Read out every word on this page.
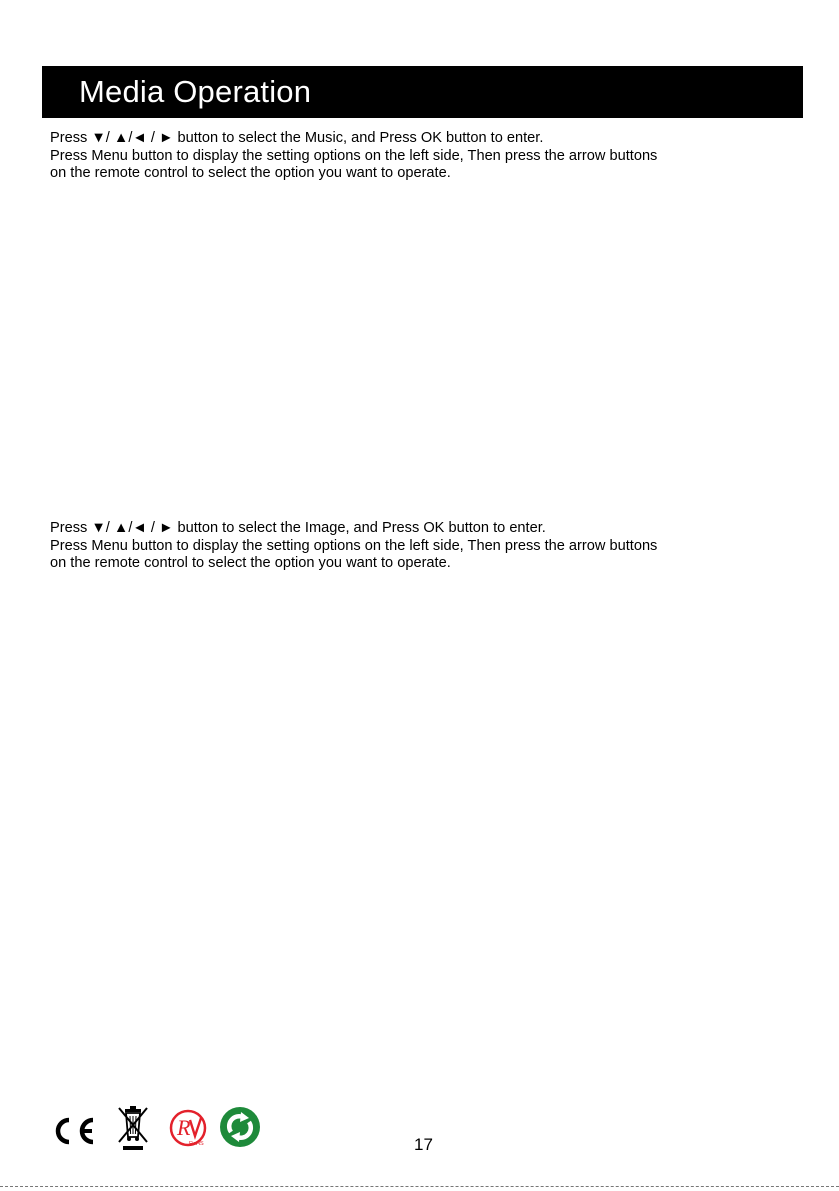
Media Operation
Press ▼/ ▲/◄ / ► button to select the Music, and Press OK button to enter.
Press Menu button to display the setting options on the left side, Then press the arrow buttons
on the remote control to select the option you want to operate.
Press ▼/ ▲/◄ / ► button to select the Image, and Press OK button to enter.
Press Menu button to display the setting options on the left side, Then press the arrow buttons
on the remote control to select the option you want to operate.
R
RoHS	17
